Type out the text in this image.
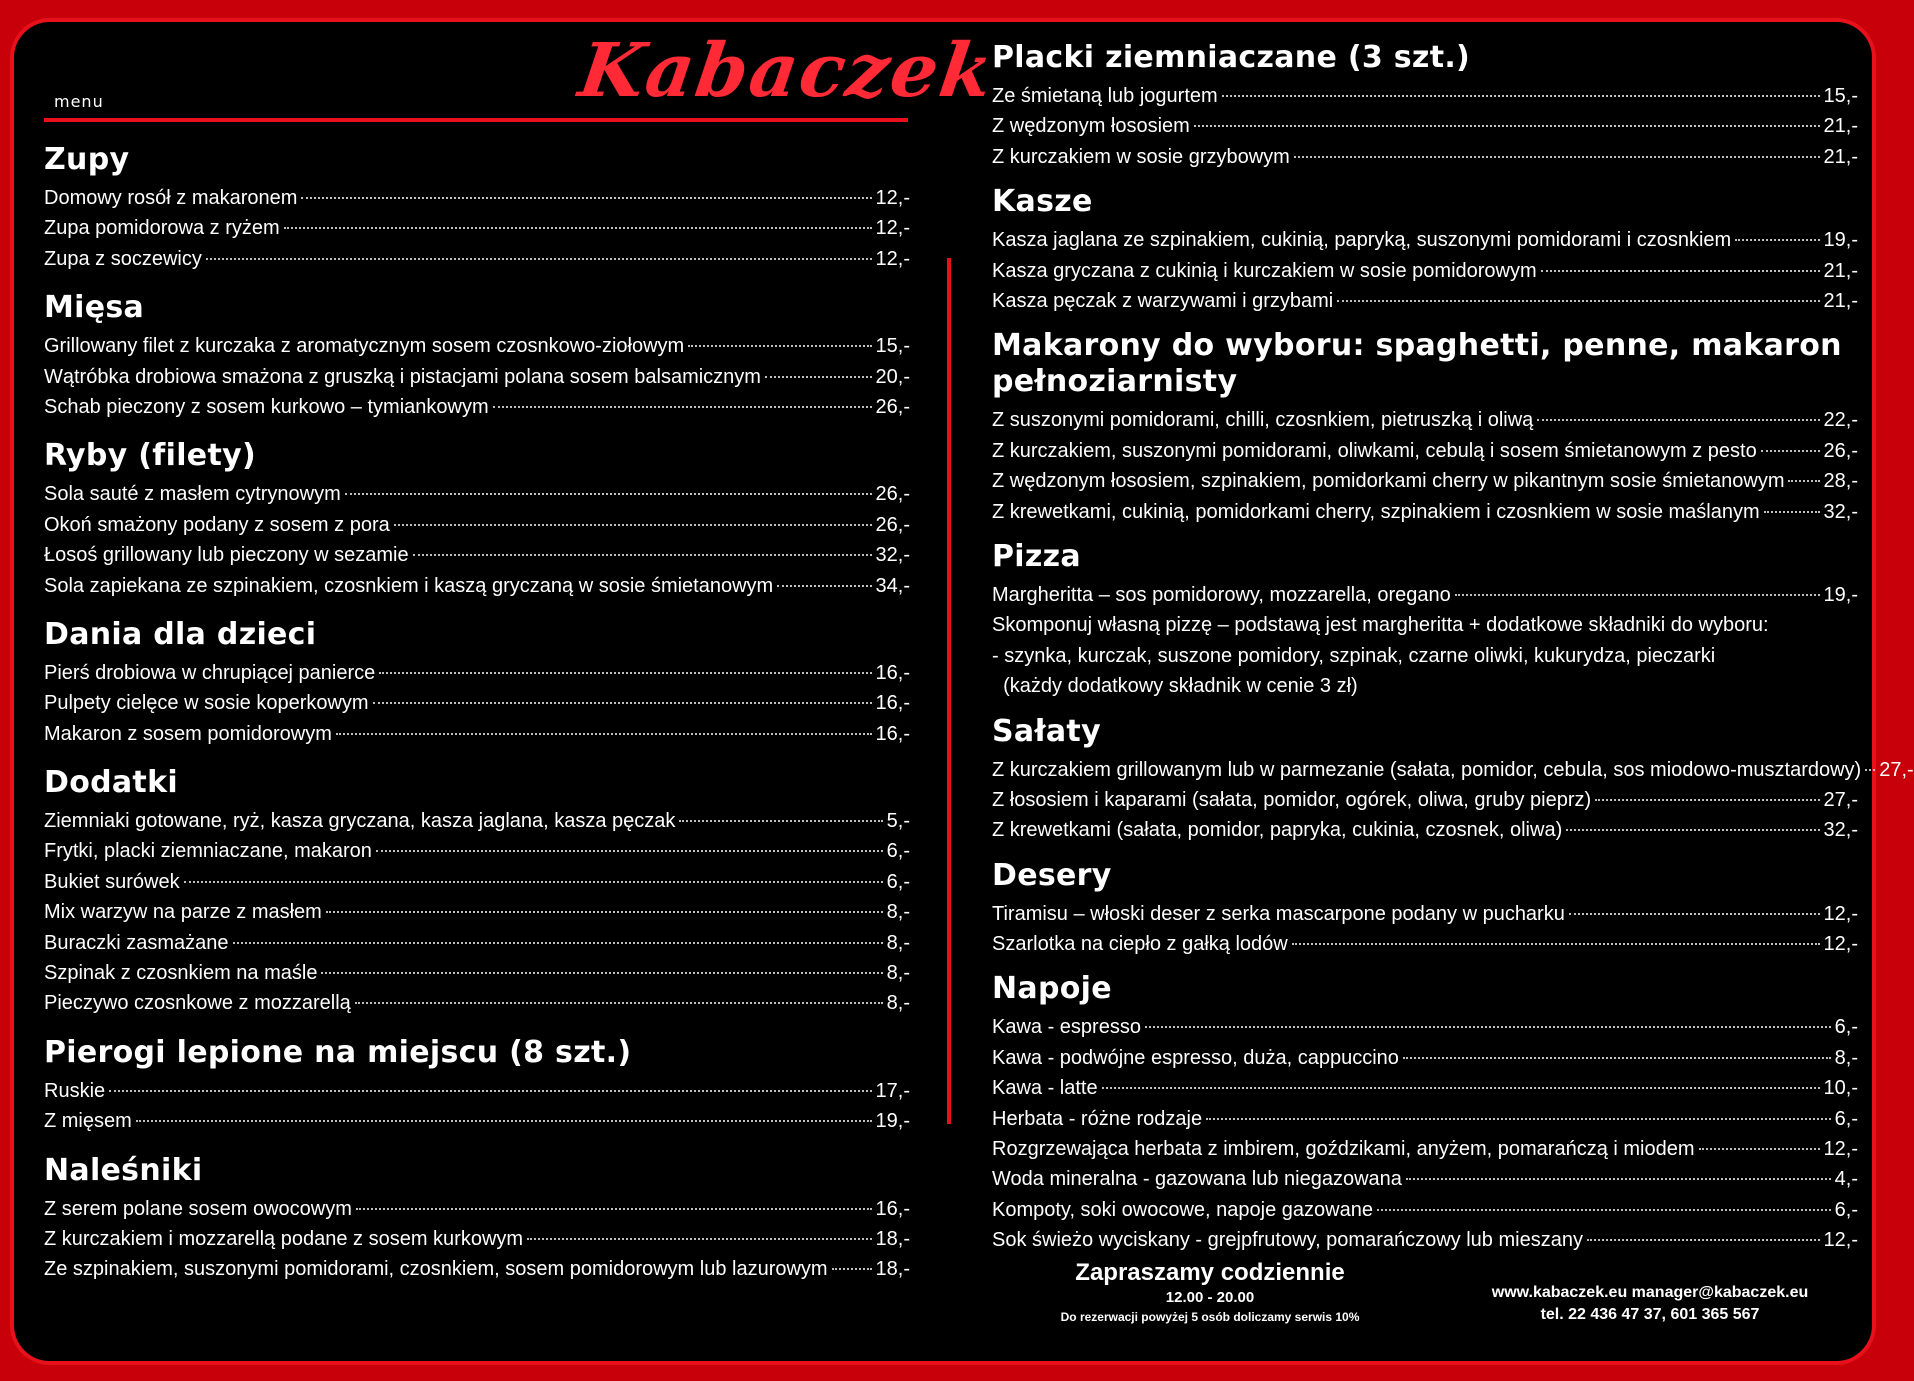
Kabaczek
menu
Zupy
Domowy rosół z makaronem	12,-
Zupa pomidorowa z ryżem	12,-
Zupa z soczewicy	12,-
Mięsa
Grillowany filet z kurczaka z aromatycznym sosem czosnkowo-ziołowym	15,-
Wątróbka drobiowa smażona z gruszką i pistacjami polana sosem balsamicznym	20,-
Schab pieczony z sosem kurkowo – tymiankowym	26,-
Ryby (filety)
Sola sauté z masłem cytrynowym	26,-
Okoń smażony podany z sosem z pora	26,-
Łosoś grillowany lub pieczony w sezamie	32,-
Sola zapiekana ze szpinakiem, czosnkiem i kaszą gryczaną w sosie śmietanowym	34,-
Dania dla dzieci
Pierś drobiowa w chrupiącej panierce	16,-
Pulpety cielęce w sosie koperkowym	16,-
Makaron z sosem pomidorowym	16,-
Dodatki
Ziemniaki gotowane, ryż, kasza gryczana, kasza jaglana, kasza pęczak	5,-
Frytki, placki ziemniaczane, makaron	6,-
Bukiet surówek	6,-
Mix warzyw na parze z masłem	8,-
Buraczki zasmażane	8,-
Szpinak z czosnkiem na maśle	8,-
Pieczywo czosnkowe z mozzarellą	8,-
Pierogi lepione na miejscu (8 szt.)
Ruskie	17,-
Z mięsem	19,-
Naleśniki
Z serem polane sosem owocowym	16,-
Z kurczakiem i mozzarellą podane z sosem kurkowym	18,-
Ze szpinakiem, suszonymi pomidorami, czosnkiem, sosem pomidorowym lub lazurowym 18,-
Placki ziemniaczane (3 szt.)
Ze śmietaną lub jogurtem	15,-
Z wędzonym łososiem	21,-
Z kurczakiem w sosie grzybowym	21,-
Kasze
Kasza jaglana ze szpinakiem, cukinią, papryką, suszonymi pomidorami i czosnkiem	19,-
Kasza gryczana z cukinią i kurczakiem w sosie pomidorowym	21,-
Kasza pęczak z warzywami i grzybami	21,-
Makarony do wyboru: spaghetti, penne, makaron pełnoziarnisty
Z suszonymi pomidorami, chilli, czosnkiem, pietruszką i oliwą	22,-
Z kurczakiem, suszonymi pomidorami, oliwkami, cebulą i sosem śmietanowym z pesto	26,-
Z wędzonym łososiem, szpinakiem, pomidorkami cherry w pikantnym sosie śmietanowym 28,-
Z krewetkami, cukinią, pomidorkami cherry, szpinakiem i czosnkiem w sosie maślanym	32,-
Pizza
Margheritta – sos pomidorowy, mozzarella, oregano	19,-
Skomponuj własną pizzę – podstawą jest margheritta + dodatkowe składniki do wyboru:
- szynka, kurczak, suszone pomidory, szpinak, czarne oliwki, kukurydza, pieczarki
(każdy dodatkowy składnik w cenie 3 zł)
Sałaty
Z kurczakiem grillowanym lub w parmezanie (sałata, pomidor, cebula, sos miodowo-musztardowy) 27,-
Z łososiem i kaparami (sałata, pomidor, ogórek, oliwa, gruby pieprz)	27,-
Z krewetkami (sałata, pomidor, papryka, cukinia, czosnek, oliwa)	32,-
Desery
Tiramisu – włoski deser z serka mascarpone podany w pucharku	12,-
Szarlotka na ciepło z gałką lodów	12,-
Napoje
Kawa - espresso	6,-
Kawa - podwójne espresso, duża, cappuccino	8,-
Kawa - latte	10,-
Herbata - różne rodzaje	6,-
Rozgrzewająca herbata z imbirem, goździkami, anyżem, pomarańczą i miodem	12,-
Woda mineralna - gazowana lub niegazowana	4,-
Kompoty, soki owocowe, napoje gazowane	6,-
Sok świeżo wyciskany - grejpfrutowy, pomarańczowy lub mieszany	12,-
Zapraszamy codziennie
12.00 - 20.00
Do rezerwacji powyżej 5 osób doliczamy serwis 10%
www.kabaczek.eu manager@kabaczek.eu
tel. 22 436 47 37, 601 365 567
